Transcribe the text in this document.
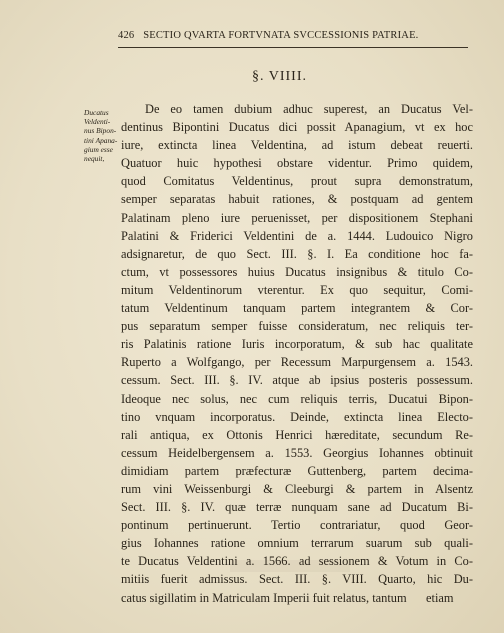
426 SECTIO QVARTA FORTVNATA SVCCESSIONIS PATRIAE.
§. VIIII.
Ducatus
Veldenti-
nus Bipon-
tini Apana-
gium esse
nequit,
De eo tamen dubium adhuc superest, an Ducatus Vel-
dentinus Bipontini Ducatus dici possit Apanagium, vt ex hoc
iure, extincta linea Veldentina, ad istum debeat reuerti.
Quatuor huic hypothesi obstare videntur. Primo quidem,
quod Comitatus Veldentinus, prout supra demonstratum,
semper separatas habuit rationes, & postquam ad gentem
Palatinam pleno iure peruenisset, per dispositionem Stephani
Palatini & Friderici Veldentini de a. 1444. Ludouico Nigro
adsignaretur, de quo Sect. III. §. I. Ea conditione hoc fa-
ctum, vt possessores huius Ducatus insignibus & titulo Co-
mitum Veldentinorum vterentur. Ex quo sequitur, Comi-
tatum Veldentinum tanquam partem integrantem & Cor-
pus separatum semper fuisse consideratum, nec reliquis ter-
ris Palatinis ratione Iuris incorporatum, & sub hac qualitate
Ruperto a Wolfgango, per Recessum Marpurgensem a. 1543.
cessum. Sect. III. §. IV. atque ab ipsius posteris possessum.
Ideoque nec solus, nec cum reliquis terris, Ducatui Bipon-
tino vnquam incorporatus. Deinde, extincta linea Electo-
rali antiqua, ex Ottonis Henrici hæreditate, secundum Re-
cessum Heidelbergensem a. 1553. Georgius Iohannes obtinuit
dimidiam partem præfecturæ Guttenberg, partem decima-
rum vini Weissenburgi & Cleeburgi & partem in Alsentz
Sect. III. §. IV. quæ terræ nunquam sane ad Ducatum Bi-
pontinum pertinuerunt. Tertio contrariatur, quod Geor-
gius Iohannes ratione omnium terrarum suarum sub quali-
te Ducatus Veldentini a. 1566. ad sessionem & Votum in Co-
mitiis fuerit admissus. Sect. III. §. VIII. Quarto, hic Du-
catus sigillatim in Matriculam Imperii fuit relatus, tantum	etiam
